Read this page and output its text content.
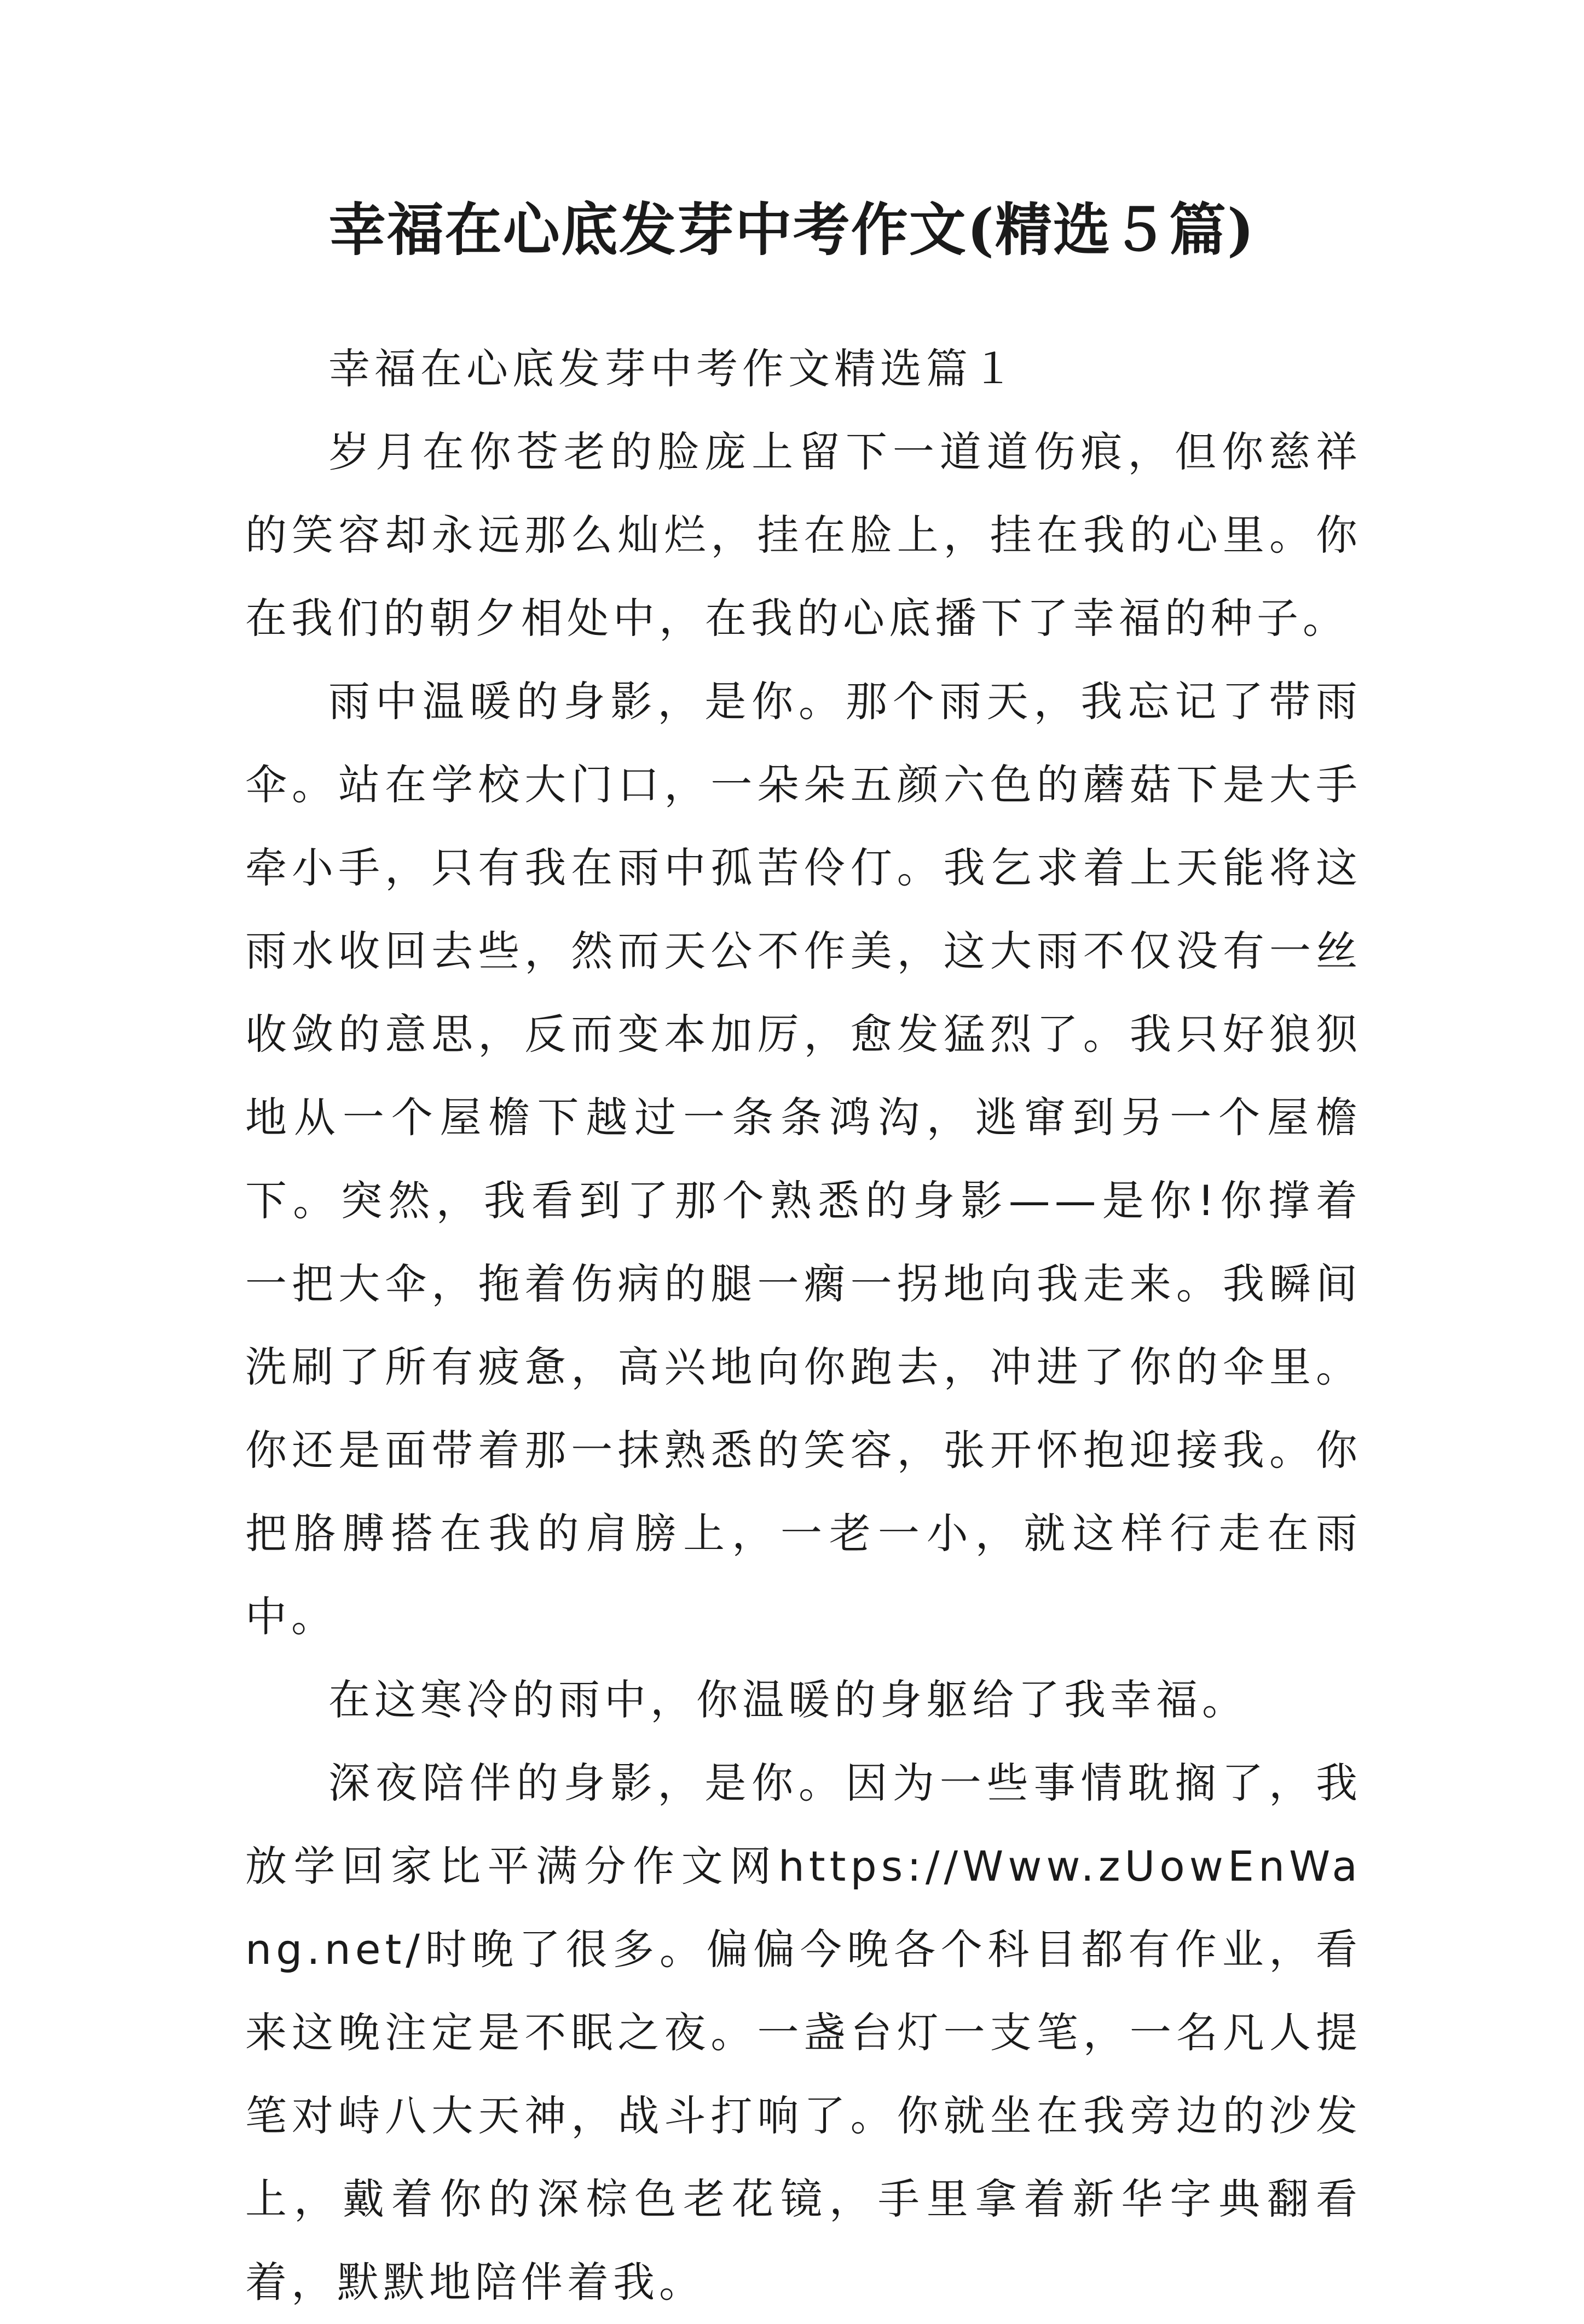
幸福在心底发芽中考作文(精选５篇)

幸福在心底发芽中考作文精选篇１

岁月在你苍老的脸庞上留下一道道伤痕，但你慈祥的笑容却永远那么灿烂，挂在脸上，挂在我的心里。你在我们的朝夕相处中，在我的心底播下了幸福的种子。

雨中温暖的身影，是你。那个雨天，我忘记了带雨伞。站在学校大门口，一朵朵五颜六色的蘑菇下是大手牵小手，只有我在雨中孤苦伶仃。我乞求着上天能将这雨水收回去些，然而天公不作美，这大雨不仅没有一丝收敛的意思，反而变本加厉，愈发猛烈了。我只好狼狈地从一个屋檐下越过一条条鸿沟，逃窜到另一个屋檐下。突然，我看到了那个熟悉的身影——是你!你撑着一把大伞，拖着伤病的腿一瘸一拐地向我走来。我瞬间洗刷了所有疲惫，高兴地向你跑去，冲进了你的伞里。你还是面带着那一抹熟悉的笑容，张开怀抱迎接我。你把胳膊搭在我的肩膀上，一老一小，就这样行走在雨中。

在这寒冷的雨中，你温暖的身躯给了我幸福。

深夜陪伴的身影，是你。因为一些事情耽搁了，我放学回家比平满分作文网https://Www.zUowEnWang.net/时晚了很多。偏偏今晚各个科目都有作业，看来这晚注定是不眠之夜。一盏台灯一支笔，一名凡人提笔对峙八大天神，战斗打响了。你就坐在我旁边的沙发上，戴着你的深棕色老花镜，手里拿着新华字典翻看着，默默地陪伴着我。
